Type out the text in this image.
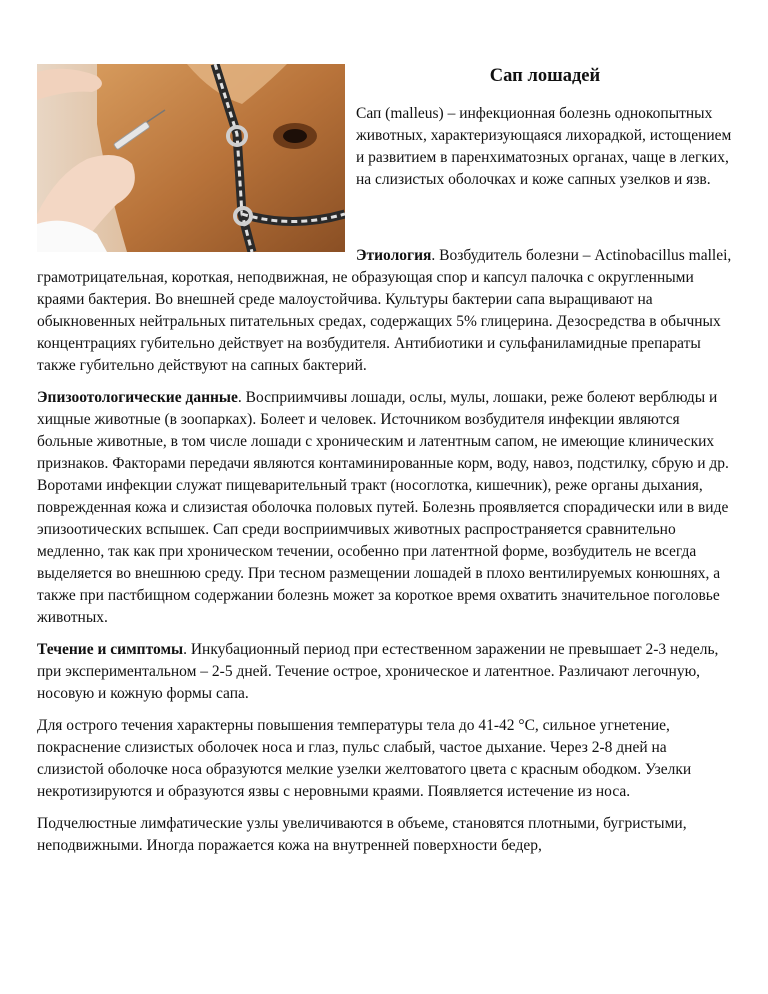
Сап лошадей

Сап (malleus) – инфекционная болезнь однокопытных животных, характеризующаяся лихорадкой, истощением и развитием в паренхиматозных органах, чаще в легких, на слизистых оболочках и коже сапных узелков и язв.

Этиология. Возбудитель болезни – Actinobacillus mallei, грамотрицательная, короткая, неподвижная, не образующая спор и капсул палочка с округленными краями бактерия. Во внешней среде малоустойчива. Культуры бактерии сапа выращивают на обыкновенных нейтральных питательных средах, содержащих 5% глицерина. Дезосредства в обычных концентрациях губительно действует на возбудителя. Антибиотики и сульфаниламидные препараты также губительно действуют на сапных бактерий.

Эпизоотологические данные. Восприимчивы лошади, ослы, мулы, лошаки, реже болеют верблюды и хищные животные (в зоопарках). Болеет и человек. Источником возбудителя инфекции являются больные животные, в том числе лошади с хроническим и латентным сапом, не имеющие клинических признаков. Факторами передачи являются контаминированные корм, воду, навоз, подстилку, сбрую и др. Воротами инфекции служат пищеварительный тракт (носоглотка, кишечник), реже органы дыхания, поврежденная кожа и слизистая оболочка половых путей. Болезнь проявляется спорадически или в виде эпизоотических вспышек. Сап среди восприимчивых животных распространяется сравнительно медленно, так как при хроническом течении, особенно при латентной форме, возбудитель не всегда выделяется во внешнюю среду. При тесном размещении лошадей в плохо вентилируемых конюшнях, а также при пастбищном содержании болезнь может за короткое время охватить значительное поголовье животных.

Течение и симптомы. Инкубационный период при естественном заражении не превышает 2-3 недель, при экспериментальном – 2-5 дней. Течение острое, хроническое и латентное. Различают легочную, носовую и кожную формы сапа.

Для острого течения характерны повышения температуры тела до 41-42 °С, сильное угнетение, покраснение слизистых оболочек носа и глаз, пульс слабый, частое дыхание. Через 2-8 дней на слизистой оболочке носа образуются мелкие узелки желтоватого цвета с красным ободком. Узелки некротизируются и образуются язвы с неровными краями. Появляется истечение из носа.

Подчелюстные лимфатические узлы увеличиваются в объеме, становятся плотными, бугристыми, неподвижными. Иногда поражается кожа на внутренней поверхности бедер,
